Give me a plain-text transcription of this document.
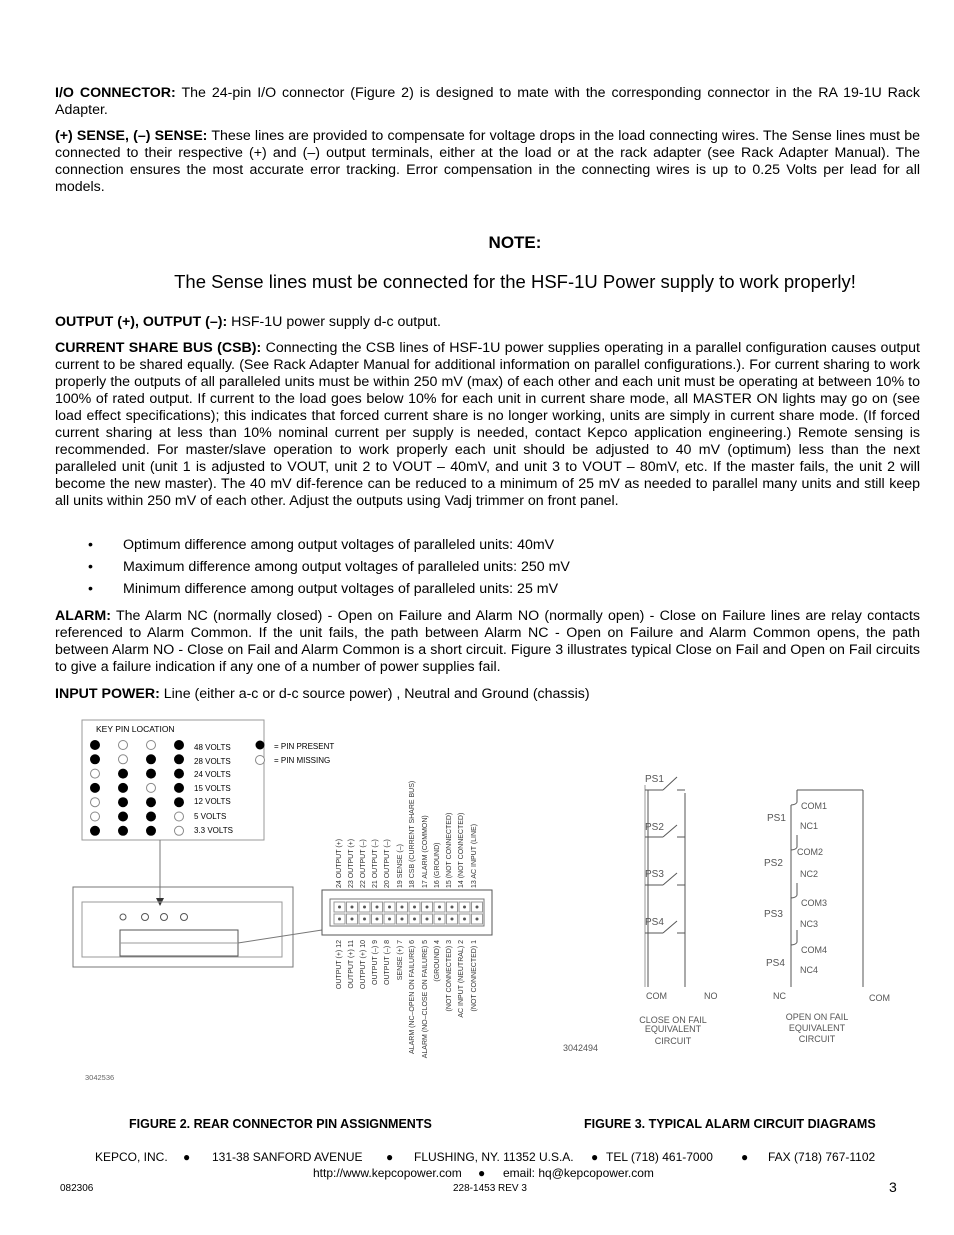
I/O CONNECTOR: The 24-pin I/O connector (Figure 2) is designed to mate with the corresponding connector in the RA 19-1U Rack Adapter.

(+) SENSE, (–) SENSE: These lines are provided to compensate for voltage drops in the load connecting wires. The Sense lines must be connected to their respective (+) and (–) output terminals, either at the load or at the rack adapter (see Rack Adapter Manual). The connection ensures the most accurate error tracking. Error compensation in the connecting wires is up to 0.25 Volts per lead for all models.

NOTE:
The Sense lines must be connected for the HSF-1U Power supply to work properly!

OUTPUT (+), OUTPUT (–): HSF-1U power supply d-c output.

CURRENT SHARE BUS (CSB): Connecting the CSB lines of HSF-1U power supplies operating in a parallel configuration causes output current to be shared equally. (See Rack Adapter Manual for additional information on parallel configurations.). For current sharing to work properly the outputs of all paralleled units must be within 250 mV (max) of each other and each unit must be operating at between 10% to 100% of rated output. If current to the load goes below 10% for each unit in current share mode, all MASTER ON lights may go on (see load effect specifications); this indicates that forced current share is no longer working, units are simply in current share mode. (If forced current sharing at less than 10% nominal current per supply is needed, contact Kepco application engineering.) Remote sensing is recommended. For master/slave operation to work properly each unit should be adjusted to 40 mV (optimum) less than the next paralleled unit (unit 1 is adjusted to VOUT, unit 2 to VOUT – 40mV, and unit 3 to VOUT – 80mV, etc. If the master fails, the unit 2 will become the new master). The 40 mV dif-ference can be reduced to a minimum of 25 mV as needed to parallel many units and still keep all units within 250 mV of each other. Adjust the outputs using Vadj trimmer on front panel.

• Optimum difference among output voltages of paralleled units: 40mV
• Maximum difference among output voltages of paralleled units: 250 mV
• Minimum difference among output voltages of paralleled units: 25 mV

ALARM: The Alarm NC (normally closed) - Open on Failure and Alarm NO (normally open) - Close on Failure lines are relay contacts referenced to Alarm Common. If the unit fails, the path between Alarm NC - Open on Failure and Alarm Common opens, the path between Alarm NO - Close on Fail and Alarm Common is a short circuit. Figure 3 illustrates typical Close on Fail and Open on Fail circuits to give a failure indication if any one of a number of power supplies fail.

INPUT POWER: Line (either a-c or d-c source power) , Neutral and Ground (chassis)

KEY PIN LOCATION
48 VOLTS
28 VOLTS
24 VOLTS
15 VOLTS
12 VOLTS
5 VOLTS
3.3 VOLTS
= PIN PRESENT
= PIN MISSING
24 OUTPUT (+) 23 OUTPUT (+) 22 OUTPUT (–) 21 OUTPUT (–) 20 OUTPUT (–) 19 SENSE (–) 18 CSB (CURRENT SHARE BUS) 17 ALARM (COMMON) 16 (GROUND) 15 (NOT CONNECTED) 14 (NOT CONNECTED) 13 AC INPUT (LINE)
OUTPUT (+) 12 OUTPUT (+) 11 OUTPUT (+) 10 OUTPUT (–) 9 OUTPUT (–) 8 SENSE (+) 7 ALARM (NC–OPEN ON FAILURE) 6 ALARM (NO–CLOSE ON FAILURE) 5 (GROUND) 4 (NOT CONNECTED) 3 AC INPUT (NEUTRAL) 2 (NOT CONNECTED) 1
3042536
PS1
PS2
PS3
PS4
COM	NO
CLOSE ON FAIL
EQUIVALENT
CIRCUIT
3042494
PS1
PS2
PS3
PS4
COM1
NC1
COM2
NC2
COM3
NC3
COM4
NC4
NC	COM
OPEN ON FAIL
EQUIVALENT
CIRCUIT
FIGURE 2. REAR CONNECTOR PIN ASSIGNMENTS	FIGURE 3. TYPICAL ALARM CIRCUIT DIAGRAMS
KEPCO, INC. ● 131-38 SANFORD AVENUE ● FLUSHING, NY. 11352 U.S.A. ● TEL (718) 461-7000 ● FAX (718) 767-1102
http://www.kepcopower.com ● email: hq@kepcopower.com
082306	228-1453 REV 3	3
